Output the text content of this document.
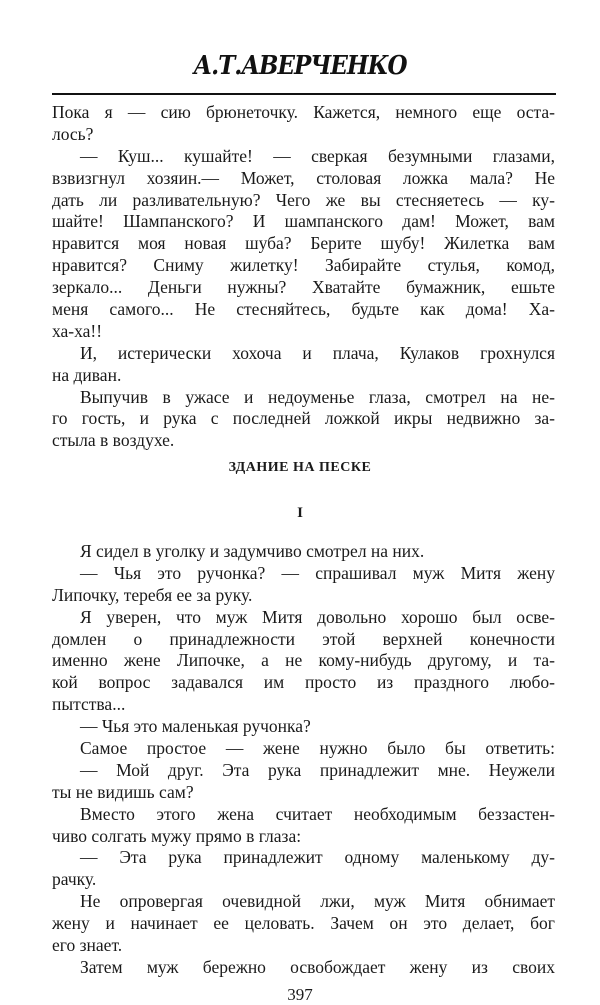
А.Т.АВЕРЧЕНКО
Пока я — сию брюнеточку. Кажется, немного еще оста-
лось?
— Куш... кушайте! — сверкая безумными глазами,
взвизгнул хозяин.— Может, столовая ложка мала? Не
дать ли разливательную? Чего же вы стесняетесь — ку-
шайте! Шампанского? И шампанского дам! Может, вам
нравится моя новая шуба? Берите шубу! Жилетка вам
нравится? Сниму жилетку! Забирайте стулья, комод,
зеркало... Деньги нужны? Хватайте бумажник, ешьте
меня самого... Не стесняйтесь, будьте как дома! Ха-
ха-ха!!
И, истерически хохоча и плача, Кулаков грохнулся
на диван.
Выпучив в ужасе и недоуменье глаза, смотрел на не-
го гость, и рука с последней ложкой икры недвижно за-
стыла в воздухе.
ЗДАНИЕ НА ПЕСКЕ
I
Я сидел в уголку и задумчиво смотрел на них.
— Чья это ручонка? — спрашивал муж Митя жену
Липочку, теребя ее за руку.
Я уверен, что муж Митя довольно хорошо был осве-
домлен о принадлежности этой верхней конечности
именно жене Липочке, а не кому-нибудь другому, и та-
кой вопрос задавался им просто из праздного любо-
пытства...
— Чья это маленькая ручонка?
Самое простое — жене нужно было бы ответить:
— Мой друг. Эта рука принадлежит мне. Неужели
ты не видишь сам?
Вместо этого жена считает необходимым беззастен-
чиво солгать мужу прямо в глаза:
— Эта рука принадлежит одному маленькому ду-
рачку.
Не опровергая очевидной лжи, муж Митя обнимает
жену и начинает ее целовать. Зачем он это делает, бог
его знает.
Затем муж бережно освобождает жену из своих
397
